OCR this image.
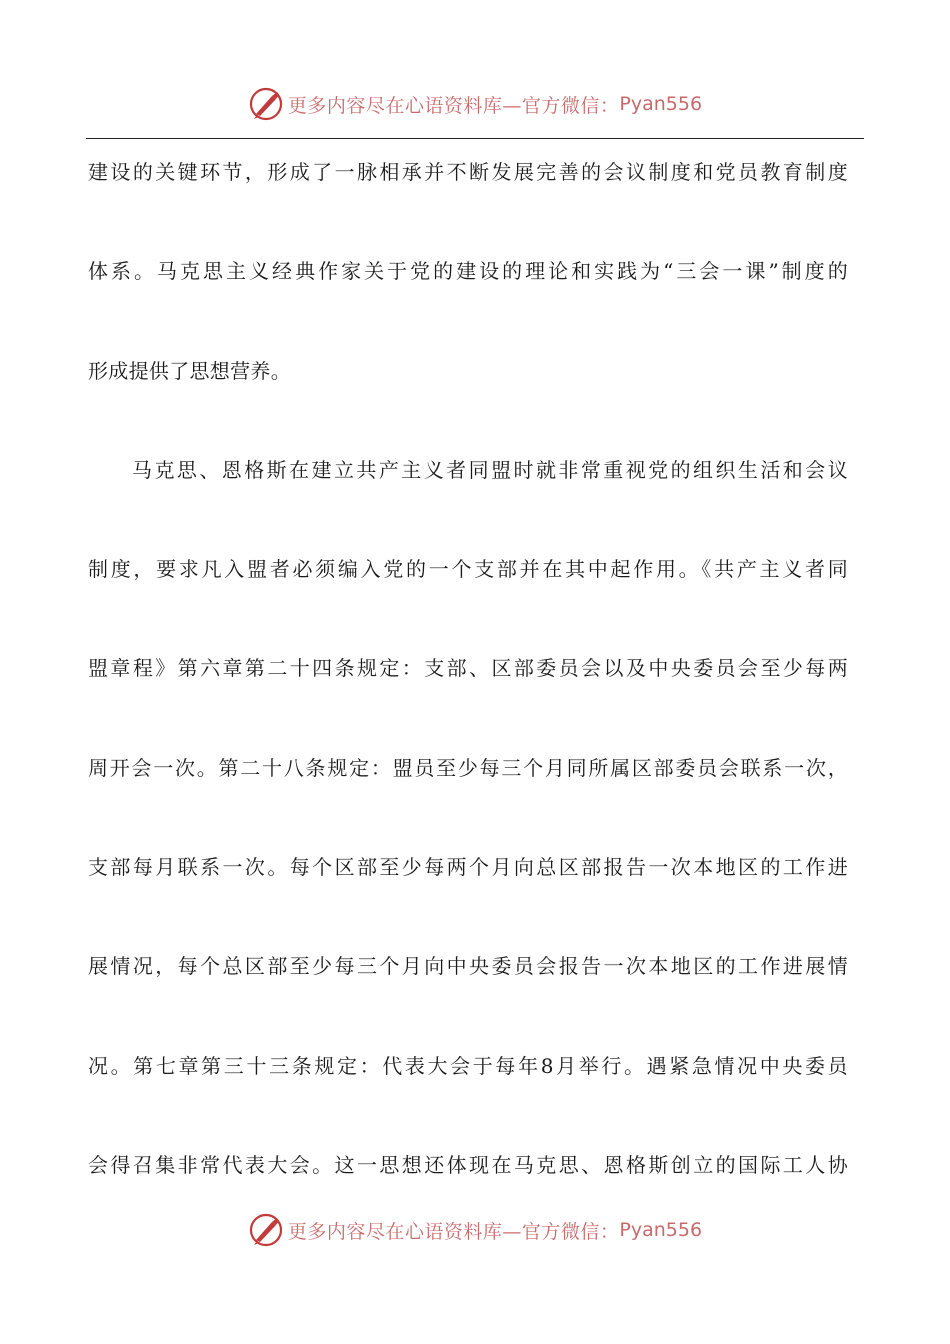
更多内容尽在心语资料库—官方微信： Pyan556
建设的关键环节，形成了一脉相承并不断发展完善的会议制度和党员教育制度
体系。马克思主义经典作家关于党的建设的理论和实践为“三会一课”制度的
形成提供了思想营养。
马克思、恩格斯在建立共产主义者同盟时就非常重视党的组织生活和会议
制度，要求凡入盟者必须编入党的一个支部并在其中起作用。《共产主义者同
盟章程》第六章第二十四条规定：支部、区部委员会以及中央委员会至少每两
周开会一次。第二十八条规定：盟员至少每三个月同所属区部委员会联系一次，
支部每月联系一次。每个区部至少每两个月向总区部报告一次本地区的工作进
展情况，每个总区部至少每三个月向中央委员会报告一次本地区的工作进展情
况。第七章第三十三条规定：代表大会于每年8月举行。遇紧急情况中央委员
会得召集非常代表大会。这一思想还体现在马克思、恩格斯创立的国际工人协
更多内容尽在心语资料库—官方微信： Pyan556
